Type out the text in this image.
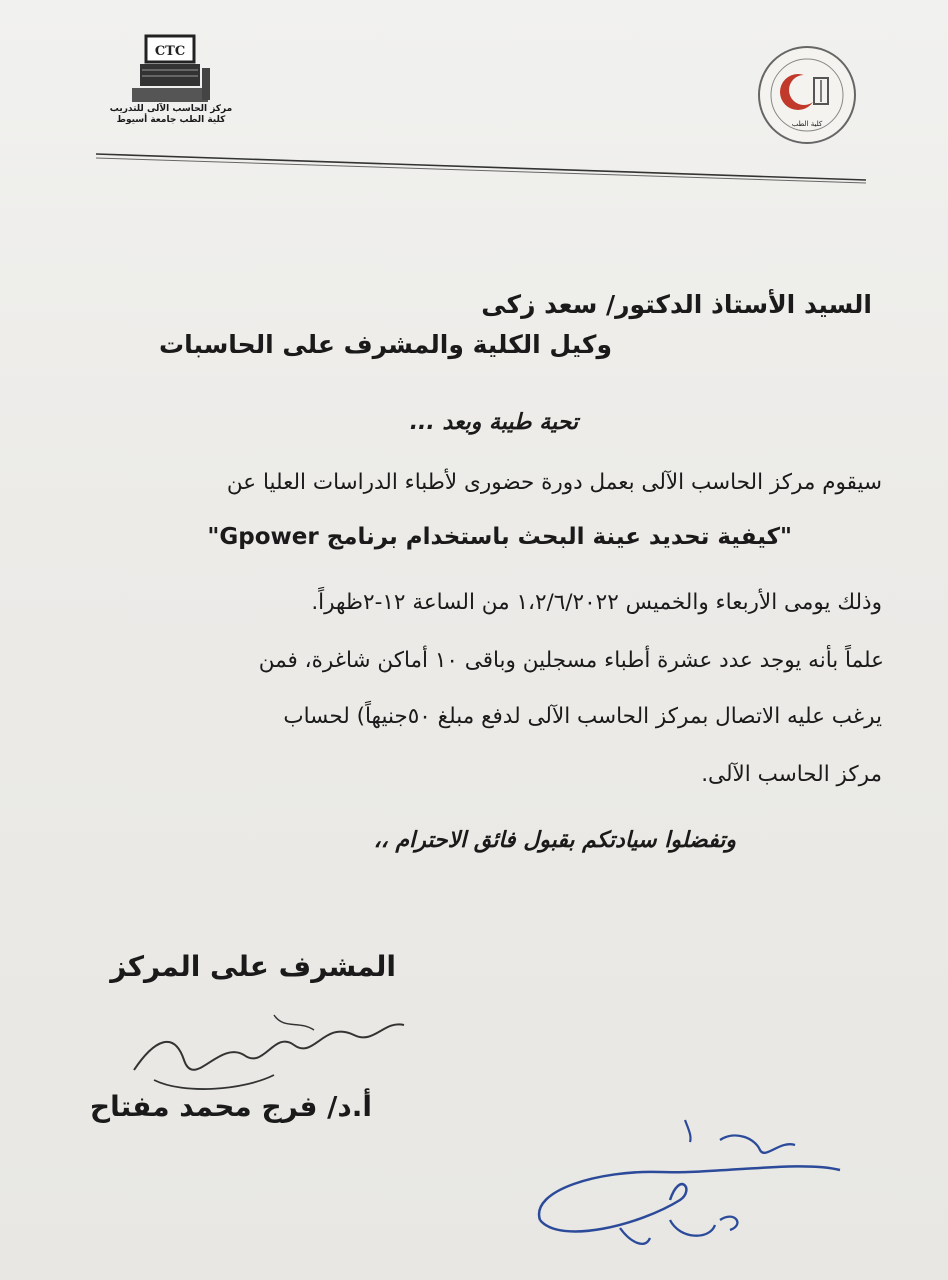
CTC
مركز الحاسب الآلى للتدريب
كلية الطب جامعة أسيوط	كلية الطب
السيد الأستاذ الدكتور/ سعد زكى
وكيل الكلية والمشرف على الحاسبات
تحية طيبة وبعد ...
سيقوم مركز الحاسب الآلى بعمل دورة حضورى لأطباء الدراسات العليا عن
"كيفية تحديد عينة البحث باستخدام برنامج Gpower"
وذلك يومى الأربعاء والخميس ١،٢/٦/٢٠٢٢ من الساعة ١٢-٢ظهراً.
علماً بأنه يوجد عدد عشرة أطباء مسجلين وباقى ١٠ أماكن شاغرة، فمن
يرغب عليه الاتصال بمركز الحاسب الآلى لدفع مبلغ ٥٠جنيهاً) لحساب
مركز الحاسب الآلى.
وتفضلوا سيادتكم بقبول فائق الاحترام ،،
المشرف على المركز
أ.د/ فرج محمد مفتاح
